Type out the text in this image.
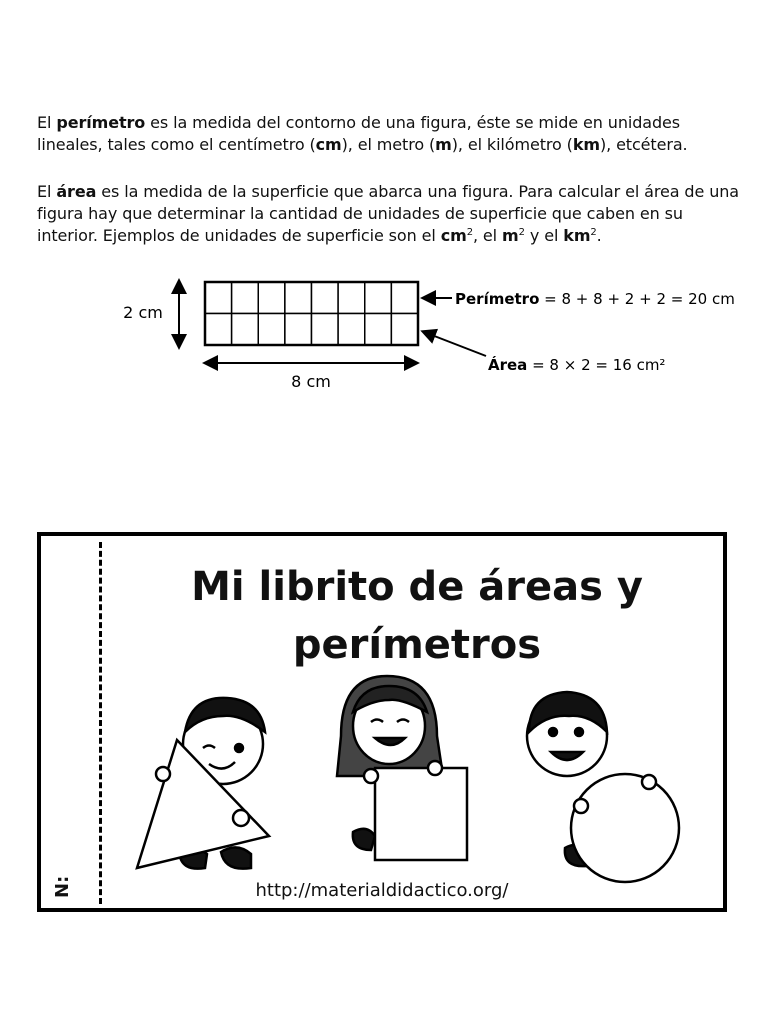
El perímetro es la medida del contorno de una figura, éste se mide en unidades lineales, tales como el centímetro (cm), el metro (m), el kilómetro (km), etcétera.
El área es la medida de la superficie que abarca una figura. Para calcular el área de una figura hay que determinar la cantidad de unidades de superficie que caben en su interior. Ejemplos de unidades de superficie son el $cm^2$, el $m^2$ y el $km^2$.
2 cm
8 cm
Perímetro = 8 + 8 + 2 + 2 = 20 cm
Área = 8 × 2 = 16 cm²
N:
Mi librito de áreas y
perímetros
http://materialdidactico.org/
